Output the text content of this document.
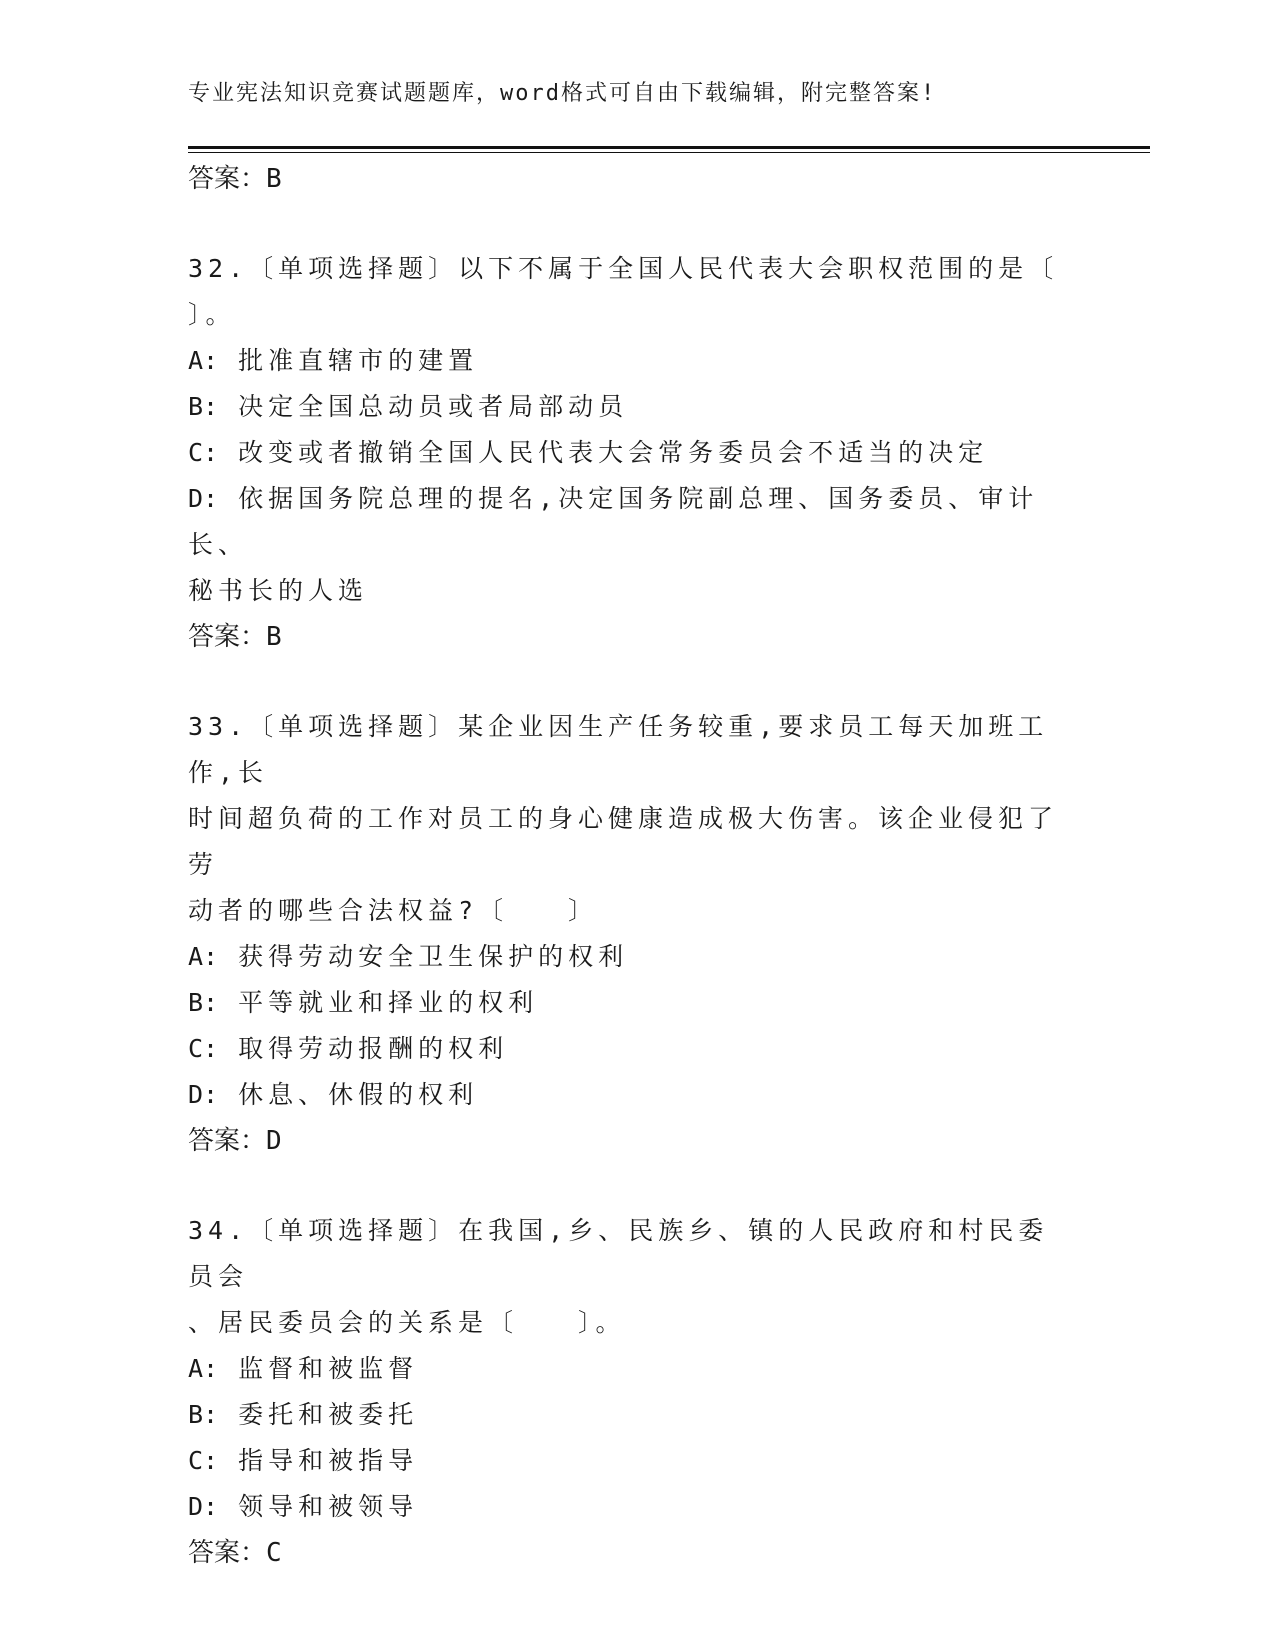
专业宪法知识竞赛试题题库，word格式可自由下载编辑，附完整答案!
答案：B
32.〔单项选择题〕以下不属于全国人民代表大会职权范围的是〔
〕。
A: 批准直辖市的建置
B: 决定全国总动员或者局部动员
C: 改变或者撤销全国人民代表大会常务委员会不适当的决定
D: 依据国务院总理的提名,决定国务院副总理、国务委员、审计长、
秘书长的人选
答案：B
33.〔单项选择题〕某企业因生产任务较重,要求员工每天加班工作,长
时间超负荷的工作对员工的身心健康造成极大伤害。该企业侵犯了劳
动者的哪些合法权益?〔　　〕
A: 获得劳动安全卫生保护的权利
B: 平等就业和择业的权利
C: 取得劳动报酬的权利
D: 休息、休假的权利
答案：D
34.〔单项选择题〕在我国,乡、民族乡、镇的人民政府和村民委员会
、居民委员会的关系是〔　　〕。
A: 监督和被监督
B: 委托和被委托
C: 指导和被指导
D: 领导和被领导
答案：C
